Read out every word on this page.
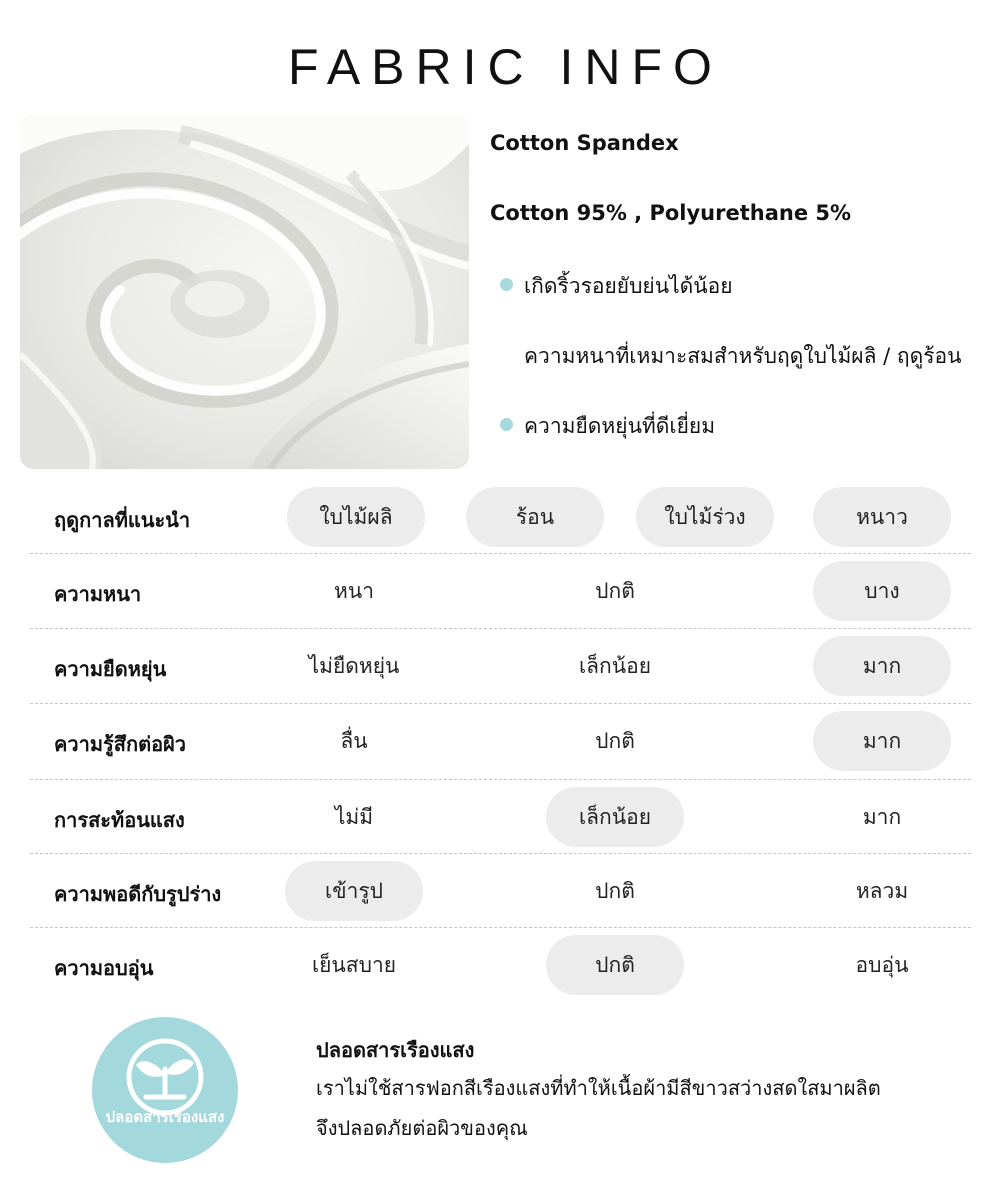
FABRIC INFO
Cotton Spandex
Cotton 95% , Polyurethane 5%
เกิดริ้วรอยยับย่นได้น้อย
ความหนาที่เหมาะสมสำหรับฤดูใบไม้ผลิ / ฤดูร้อน
ความยืดหยุ่นที่ดีเยี่ยม
ฤดูกาลที่แนะนำ	ใบไม้ผลิ	ร้อน	ใบไม้ร่วง	หนาว
ความหนา	หนา	ปกติ	บาง
ความยืดหยุ่น	ไม่ยืดหยุ่น	เล็กน้อย	มาก
ความรู้สึกต่อผิว	ลื่น	ปกติ	มาก
การสะท้อนแสง	ไม่มี	เล็กน้อย	มาก
ความพอดีกับรูปร่าง	เข้ารูป	ปกติ	หลวม
ความอบอุ่น	เย็นสบาย	ปกติ	อบอุ่น
ปลอดสารเรืองแสง
ปลอดสารเรืองแสง
เราไม่ใช้สารฟอกสีเรืองแสงที่ทำให้เนื้อผ้ามีสีขาวสว่างสดใสมาผลิต
จึงปลอดภัยต่อผิวของคุณ
